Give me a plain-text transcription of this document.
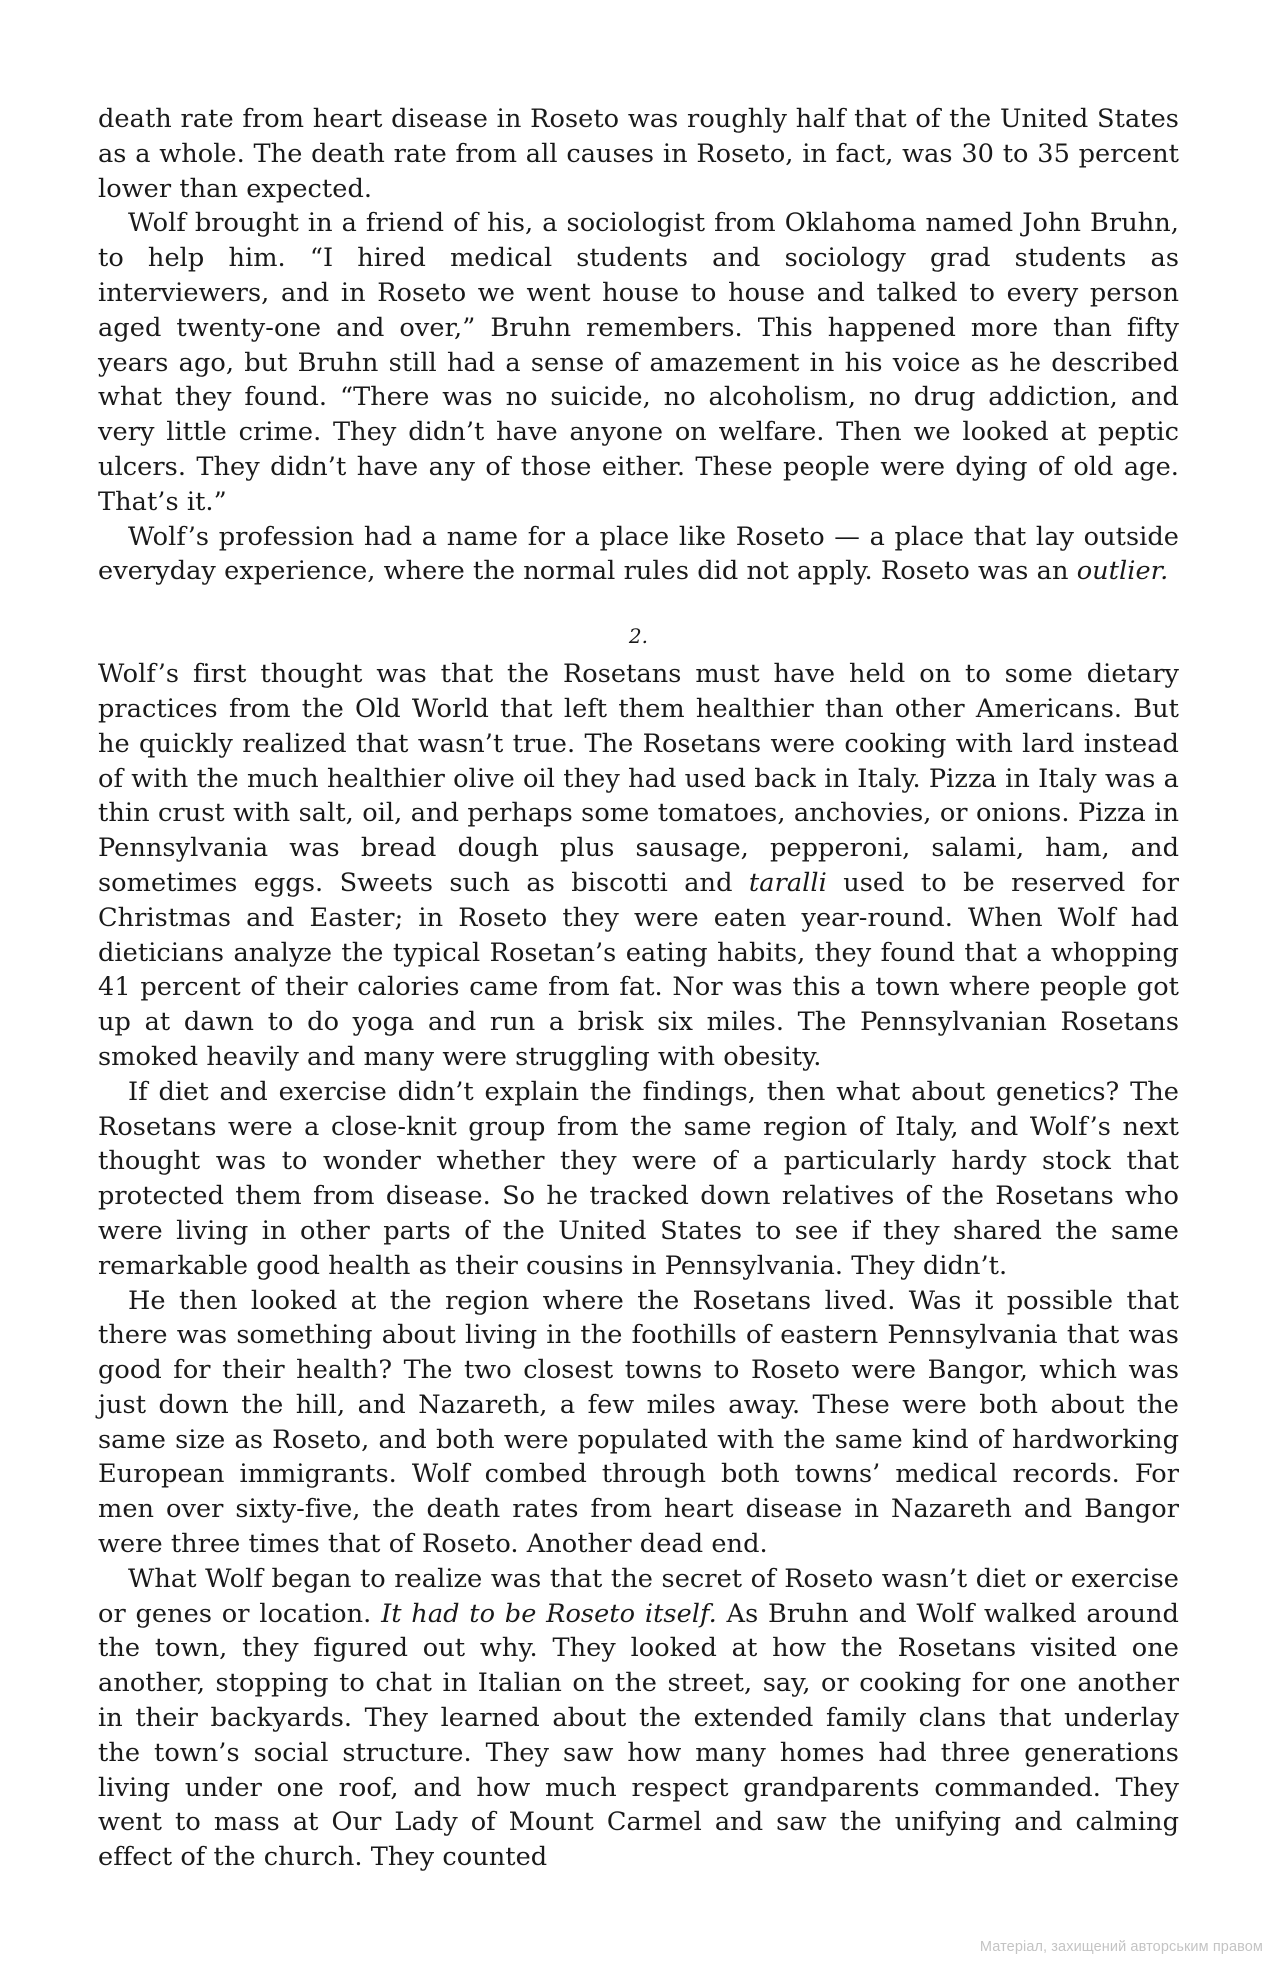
death rate from heart disease in Roseto was roughly half that of the United States as a whole. The death rate from all causes in Roseto, in fact, was 30 to 35 percent lower than expected.

Wolf brought in a friend of his, a sociologist from Oklahoma named John Bruhn, to help him. “I hired medical students and sociology grad students as interviewers, and in Roseto we went house to house and talked to every person aged twenty-one and over,” Bruhn remembers. This happened more than fifty years ago, but Bruhn still had a sense of amazement in his voice as he described what they found. “There was no suicide, no alcoholism, no drug addiction, and very little crime. They didn’t have anyone on welfare. Then we looked at peptic ulcers. They didn’t have any of those either. These people were dying of old age. That’s it.”

Wolf’s profession had a name for a place like Roseto — a place that lay outside everyday experience, where the normal rules did not apply. Roseto was an outlier.

2.

Wolf’s first thought was that the Rosetans must have held on to some dietary practices from the Old World that left them healthier than other Americans. But he quickly realized that wasn’t true. The Rosetans were cooking with lard instead of with the much healthier olive oil they had used back in Italy. Pizza in Italy was a thin crust with salt, oil, and perhaps some tomatoes, anchovies, or onions. Pizza in Pennsylvania was bread dough plus sausage, pepperoni, salami, ham, and sometimes eggs. Sweets such as biscotti and taralli used to be reserved for Christmas and Easter; in Roseto they were eaten year-round. When Wolf had dieticians analyze the typical Rosetan’s eating habits, they found that a whopping 41 percent of their calories came from fat. Nor was this a town where people got up at dawn to do yoga and run a brisk six miles. The Pennsylvanian Rosetans smoked heavily and many were struggling with obesity.

If diet and exercise didn’t explain the findings, then what about genetics? The Rosetans were a close-knit group from the same region of Italy, and Wolf’s next thought was to wonder whether they were of a particularly hardy stock that protected them from disease. So he tracked down relatives of the Rosetans who were living in other parts of the United States to see if they shared the same remarkable good health as their cousins in Pennsylvania. They didn’t.

He then looked at the region where the Rosetans lived. Was it possible that there was something about living in the foothills of eastern Pennsylvania that was good for their health? The two closest towns to Roseto were Bangor, which was just down the hill, and Nazareth, a few miles away. These were both about the same size as Roseto, and both were populated with the same kind of hardworking European immigrants. Wolf combed through both towns’ medical records. For men over sixty-five, the death rates from heart disease in Nazareth and Bangor were three times that of Roseto. Another dead end.

What Wolf began to realize was that the secret of Roseto wasn’t diet or exercise or genes or location. It had to be Roseto itself. As Bruhn and Wolf walked around the town, they figured out why. They looked at how the Rosetans visited one another, stopping to chat in Italian on the street, say, or cooking for one another in their backyards. They learned about the extended family clans that underlay the town’s social structure. They saw how many homes had three generations living under one roof, and how much respect grandparents commanded. They went to mass at Our Lady of Mount Carmel and saw the unifying and calming effect of the church. They counted

Матеріал, захищений авторським правом
